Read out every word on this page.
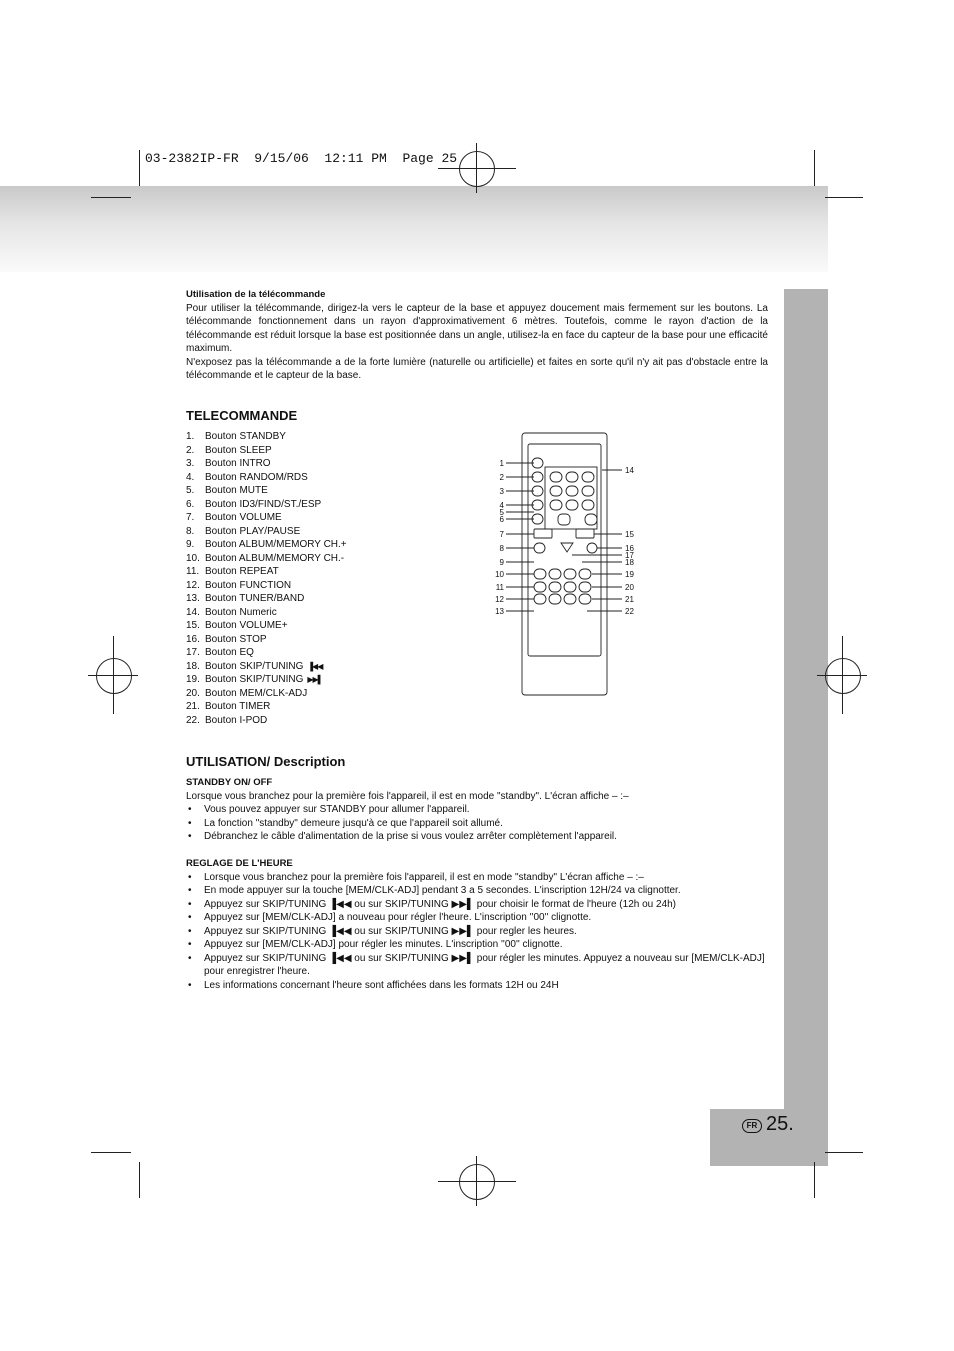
FR 25.
03-2382IP-FR  9/15/06  12:11 PM  Page 25
Utilisation de la télécommande

Pour utiliser la télécommande, dirigez-la vers le capteur de la base et appuyez doucement mais fermement sur les boutons. La télécommande fonctionnement dans un rayon d'approximativement 6 mètres. Toutefois, comme le rayon d'action de la télécommande est réduit lorsque la base est positionnée dans un angle, utilisez-la en face du capteur de la base pour une efficacité maximum.

N'exposez pas la télécommande a de la forte lumière (naturelle ou artificielle) et faites en sorte qu'il n'y ait pas d'obstacle entre la télécommande et le capteur de la base.

TELECOMMANDE
1. Bouton STANDBY
2. Bouton SLEEP
3. Bouton INTRO
4. Bouton RANDOM/RDS
5. Bouton MUTE
6. Bouton ID3/FIND/ST./ESP
7. Bouton VOLUME
8. Bouton PLAY/PAUSE
9. Bouton ALBUM/MEMORY CH.+
10. Bouton ALBUM/MEMORY CH.-
11. Bouton REPEAT
12. Bouton FUNCTION
13. Bouton TUNER/BAND
14. Bouton Numeric
15. Bouton VOLUME+
16. Bouton STOP
17. Bouton EQ
18. Bouton SKIP/TUNING ▐◀◀
19. Bouton SKIP/TUNING ▶▶▌
20. Bouton MEM/CLK-ADJ
21. Bouton TIMER
22. Bouton I-POD
1
2
3
4
5
6
7
8
9
10
11
12
13
14
15
16
17
18
19
20
21
22
UTILISATION/ Description
STANDBY ON/ OFF
Lorsque vous branchez pour la première fois l'appareil, il est en mode "standby". L'écran affiche – :–
• Vous pouvez appuyer sur STANDBY pour allumer l'appareil.
• La fonction "standby" demeure jusqu'à ce que l'appareil soit allumé.
• Débranchez le câble d'alimentation de la prise si vous voulez arrêter complètement l'appareil.
REGLAGE DE L'HEURE
• Lorsque vous branchez pour la première fois l'appareil, il est en mode "standby" L'écran affiche – :–
• En mode appuyer sur la touche [MEM/CLK-ADJ] pendant 3 a 5 secondes. L'inscription 12H/24 va clignotter.
• Appuyez sur SKIP/TUNING ▐◀◀ ou sur SKIP/TUNING ▶▶▌ pour choisir le format de l'heure (12h ou 24h)
• Appuyez sur [MEM/CLK-ADJ] a nouveau pour régler l'heure. L'inscription ''00'' clignotte.
• Appuyez sur SKIP/TUNING ▐◀◀ ou sur SKIP/TUNING ▶▶▌ pour regler les heures.
• Appuyez sur [MEM/CLK-ADJ] pour régler les minutes. L'inscription ''00'' clignotte.
• Appuyez sur SKIP/TUNING ▐◀◀ ou sur SKIP/TUNING ▶▶▌ pour régler les minutes. Appuyez a nouveau sur [MEM/CLK-ADJ] pour enregistrer l'heure.
• Les informations concernant l'heure sont affichées dans les formats 12H ou 24H
